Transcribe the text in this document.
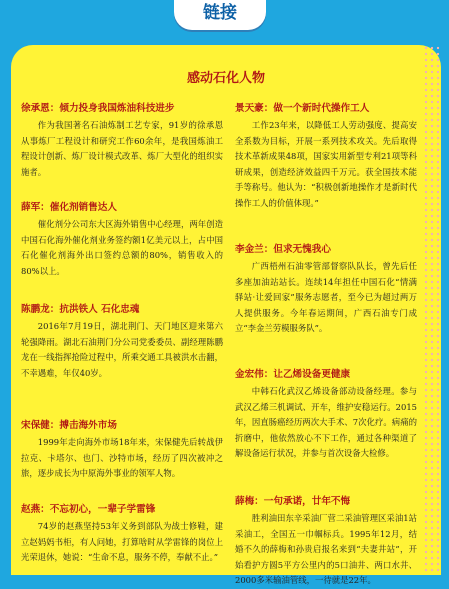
链接
感动石化人物
徐承恩：倾力投身我国炼油科技进步
作为我国著名石油炼制工艺专家，91岁的徐承恩从事炼厂工程设计和研究工作60余年，是我国炼油工程设计创新、炼厂设计模式改革、炼厂大型化的组织实施者。
薛军：催化剂销售达人
催化剂分公司东大区海外销售中心经理，两年创造中国石化海外催化剂业务签约额1亿美元以上，占中国石化催化剂海外出口签约总额的80%，销售收入的80%以上。
陈鹏龙：抗洪铁人 石化忠魂
2016年7月19日，湖北荆门、天门地区迎来第六轮强降雨。湖北石油荆门分公司党委委员、副经理陈鹏龙在一线指挥抢险过程中，所乘交通工具被洪水击翻，不幸遇难，年仅40岁。
宋保健：搏击海外市场
1999年走向海外市场18年来，宋保健先后转战伊拉克、卡塔尔、也门、沙特市场，经历了四次被冲之旅，逐步成长为中原海外事业的领军人物。
赵燕：不忘初心，一辈子学雷锋
74岁的赵燕坚持53年义务到部队为战士修鞋，建立赵妈妈书柜，有人问她，打算啥时从学雷锋的岗位上光荣退休，她说：“生命不息，服务不停，奉献不止。”
景天豪：做一个新时代操作工人
工作23年来，以降低工人劳动强度、提高安全系数为目标，开展一系列技术攻关。先后取得技术革新成果48项，国家实用新型专利21项等科研成果，创造经济效益四千万元。获全国技术能手等称号。他认为：“积极创新地操作才是新时代操作工人的价值体现。”
李金兰：但求无愧我心
广西梧州石油零管部督察队队长，曾先后任多座加油站站长。连续14年担任中国石化“情满驿站·让爱回家”服务志愿者，至今已为超过两万人提供服务。今年春运期间，广西石油专门成立“李金兰劳模服务队”。
金宏伟：让乙烯设备更健康
中韩石化武汉乙烯设备部动设备经理。参与武汉乙烯三机调试、开车，维护安稳运行。2015年，因直肠癌经历两次大手术、7次化疗。病痛的折磨中，他依然放心不下工作，通过各种渠道了解设备运行状况，并参与首次设备大检修。
薛梅：一句承诺，廿年不悔
胜利油田东辛采油厂营二采油管理区采油1站采油工，全国五一巾帼标兵。1995年12月，结婚不久的薛梅和孙贵启报名来到“夫妻井站”，开始看护方圆5平方公里内的5口油井、两口水井、2000多米输油管线，一待就是22年。
